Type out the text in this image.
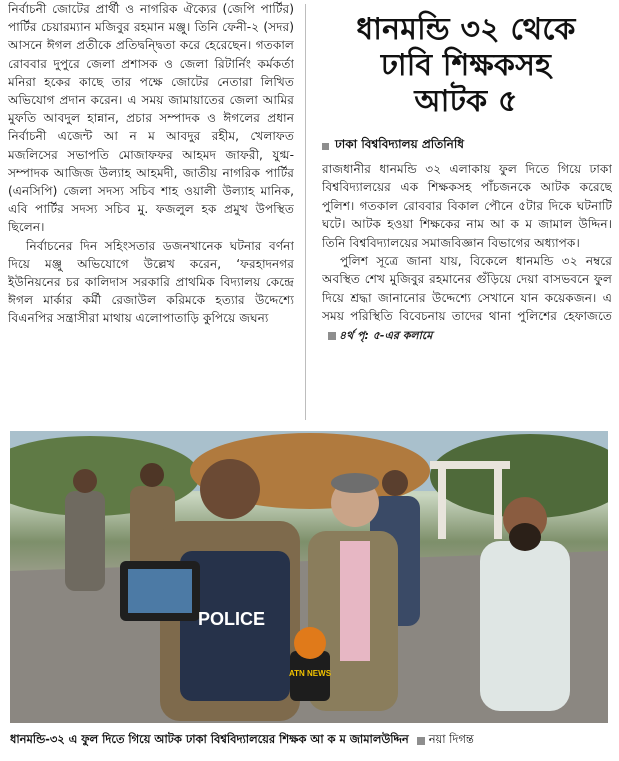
নির্বাচনী জোটের প্রার্থী ও নাগরিক ঐক্যের (জেপি পার্টির) পার্টির চেয়ারম্যান মজিবুর রহমান মঞ্জু। তিনি ফেনী-২ (সদর) আসনে ঈগল প্রতীকে প্রতিদ্বন্দ্বিতা করে হেরেছেন। গতকাল রোববার দুপুরে জেলা প্রশাসক ও জেলা রিটার্নিং কর্মকর্তা মনিরা হকের কাছে তার পক্ষে জোটের নেতারা লিখিত অভিযোগ প্রদান করেন। এ সময় জামায়াতের জেলা আমির মুফতি আবদুল হান্নান, প্রচার সম্পাদক ও ঈগলের প্রধান নির্বাচনী এজেন্ট আ ন ম আবদুর রহীম, খেলাফত মজলিসের সভাপতি মোজাফফর আহমদ জাফরী, যুগ্ম-সম্পাদক আজিজ উল্যাহ আহমদী, জাতীয় নাগরিক পার্টির (এনসিপি) জেলা সদস্য সচিব শাহ ওয়ালী উল্যাহ মানিক, এবি পার্টির সদস্য সচিব মু. ফজলুল হক প্রমুখ উপস্থিত ছিলেন।

নির্বাচনের দিন সহিংসতার ডজনখানেক ঘটনার বর্ণনা দিয়ে মঞ্জু অভিযোগে উল্লেখ করেন, ‘ফরহাদনগর ইউনিয়নের চর কালিদাস সরকারি প্রাথমিক বিদ্যালয় কেন্দ্রে ঈগল মার্কার কর্মী রেজাউল করিমকে হত্যার উদ্দেশ্যে বিএনপির সন্ত্রাসীরা মাথায় এলোপাতাড়ি কুপিয়ে জঘন্য

ধানমন্ডি ৩২ থেকে
ঢাবি শিক্ষকসহ
আটক ৫
ঢাকা বিশ্ববিদ্যালয় প্রতিনিধি

রাজধানীর ধানমন্ডি ৩২ এলাকায় ফুল দিতে গিয়ে ঢাকা বিশ্ববিদ্যালয়ের এক শিক্ষকসহ পাঁচজনকে আটক করেছে পুলিশ। গতকাল রোববার বিকাল পৌনে ৫টার দিকে ঘটনাটি ঘটে। আটক হওয়া শিক্ষকের নাম আ ক ম জামাল উদ্দিন। তিনি বিশ্ববিদ্যালয়ের সমাজবিজ্ঞান বিভাগের অধ্যাপক।

পুলিশ সূত্রে জানা যায়, বিকেলে ধানমন্ডি ৩২ নম্বরে অবস্থিত শেখ মুজিবুর রহমানের গুঁড়িয়ে দেয়া বাসভবনে ফুল দিয়ে শ্রদ্ধা জানানোর উদ্দেশ্যে সেখানে যান কয়েকজন। এ সময় পরিস্থিতি বিবেচনায় তাদের থানা পুলিশের হেফাজতে৪র্থ পৃ: ৫-এর কলামে

POLICE
ATN NEWS
ধানমন্ডি-৩২ এ ফুল দিতে গিয়ে আটক ঢাকা বিশ্ববিদ্যালয়ের শিক্ষক আ ক ম জামালউদ্দিন নয়া দিগন্ত
